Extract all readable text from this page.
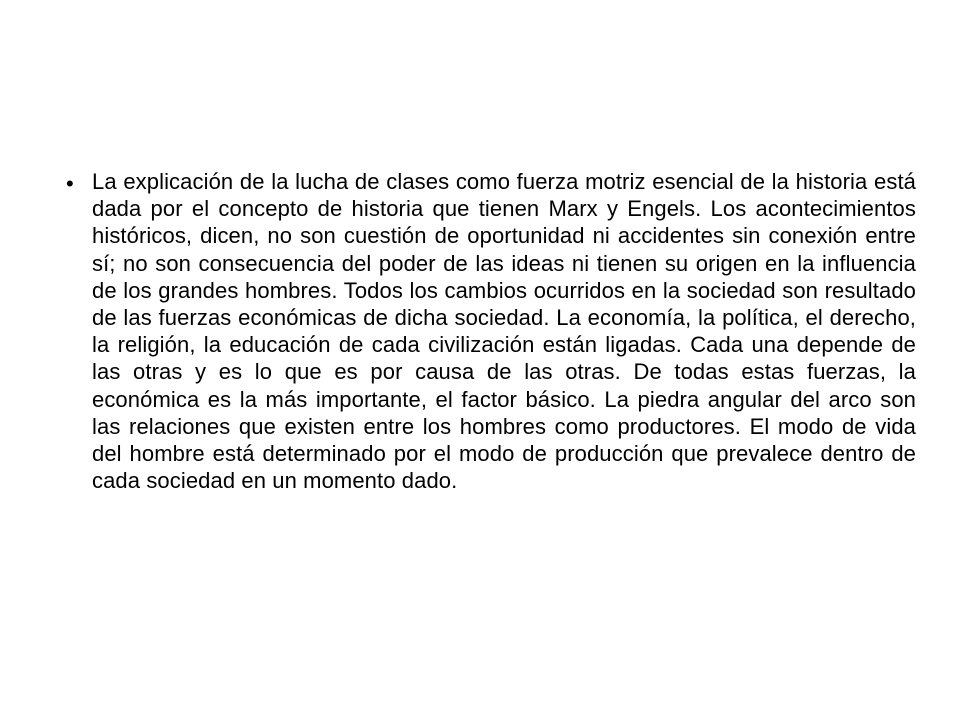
• La explicación de la lucha de clases como fuerza motriz esencial de la historia está dada por el concepto de historia que tienen Marx y Engels. Los acontecimientos históricos, dicen, no son cuestión de oportunidad ni accidentes sin conexión entre sí; no son consecuencia del poder de las ideas ni tienen su origen en la influencia de los grandes hombres. Todos los cambios ocurridos en la sociedad son resultado de las fuerzas económicas de dicha sociedad. La economía, la política, el derecho, la religión, la educación de cada civilización están ligadas. Cada una depende de las otras y es lo que es por causa de las otras. De todas estas fuerzas, la económica es la más importante, el factor básico. La piedra angular del arco son las relaciones que existen entre los hombres como productores. El modo de vida del hombre está determinado por el modo de producción que prevalece dentro de cada sociedad en un momento dado.
